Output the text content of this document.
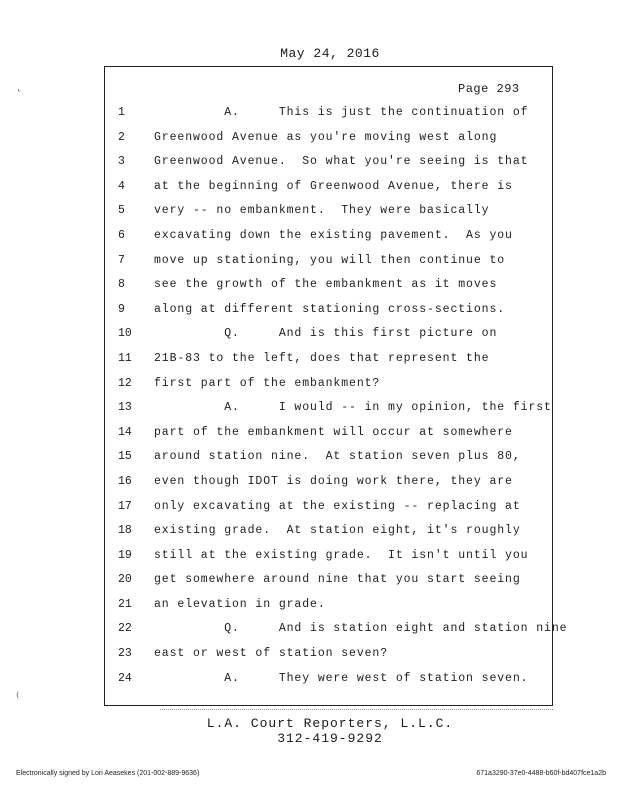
May 24, 2016
Page 293
1	A.     This is just the continuation of
2	Greenwood Avenue as you're moving west along
3	Greenwood Avenue.  So what you're seeing is that
4	at the beginning of Greenwood Avenue, there is
5	very -- no embankment.  They were basically
6	excavating down the existing pavement.  As you
7	move up stationing, you will then continue to
8	see the growth of the embankment as it moves
9	along at different stationing cross-sections.
10	Q.     And is this first picture on
11	21B-83 to the left, does that represent the
12	first part of the embankment?
13	A.     I would -- in my opinion, the first
14	part of the embankment will occur at somewhere
15	around station nine.  At station seven plus 80,
16	even though IDOT is doing work there, they are
17	only excavating at the existing -- replacing at
18	existing grade.  At station eight, it's roughly
19	still at the existing grade.  It isn't until you
20	get somewhere around nine that you start seeing
21	an elevation in grade.
22	Q.     And is station eight and station nine
23	east or west of station seven?
24	A.     They were west of station seven.
L.A. Court Reporters, L.L.C.
312-419-9292
Electronically signed by Lori Aeasekes (201-002-889-9636)	671a3290-37e0-4488-b60f-bd407fce1a2b
˛
⁽
